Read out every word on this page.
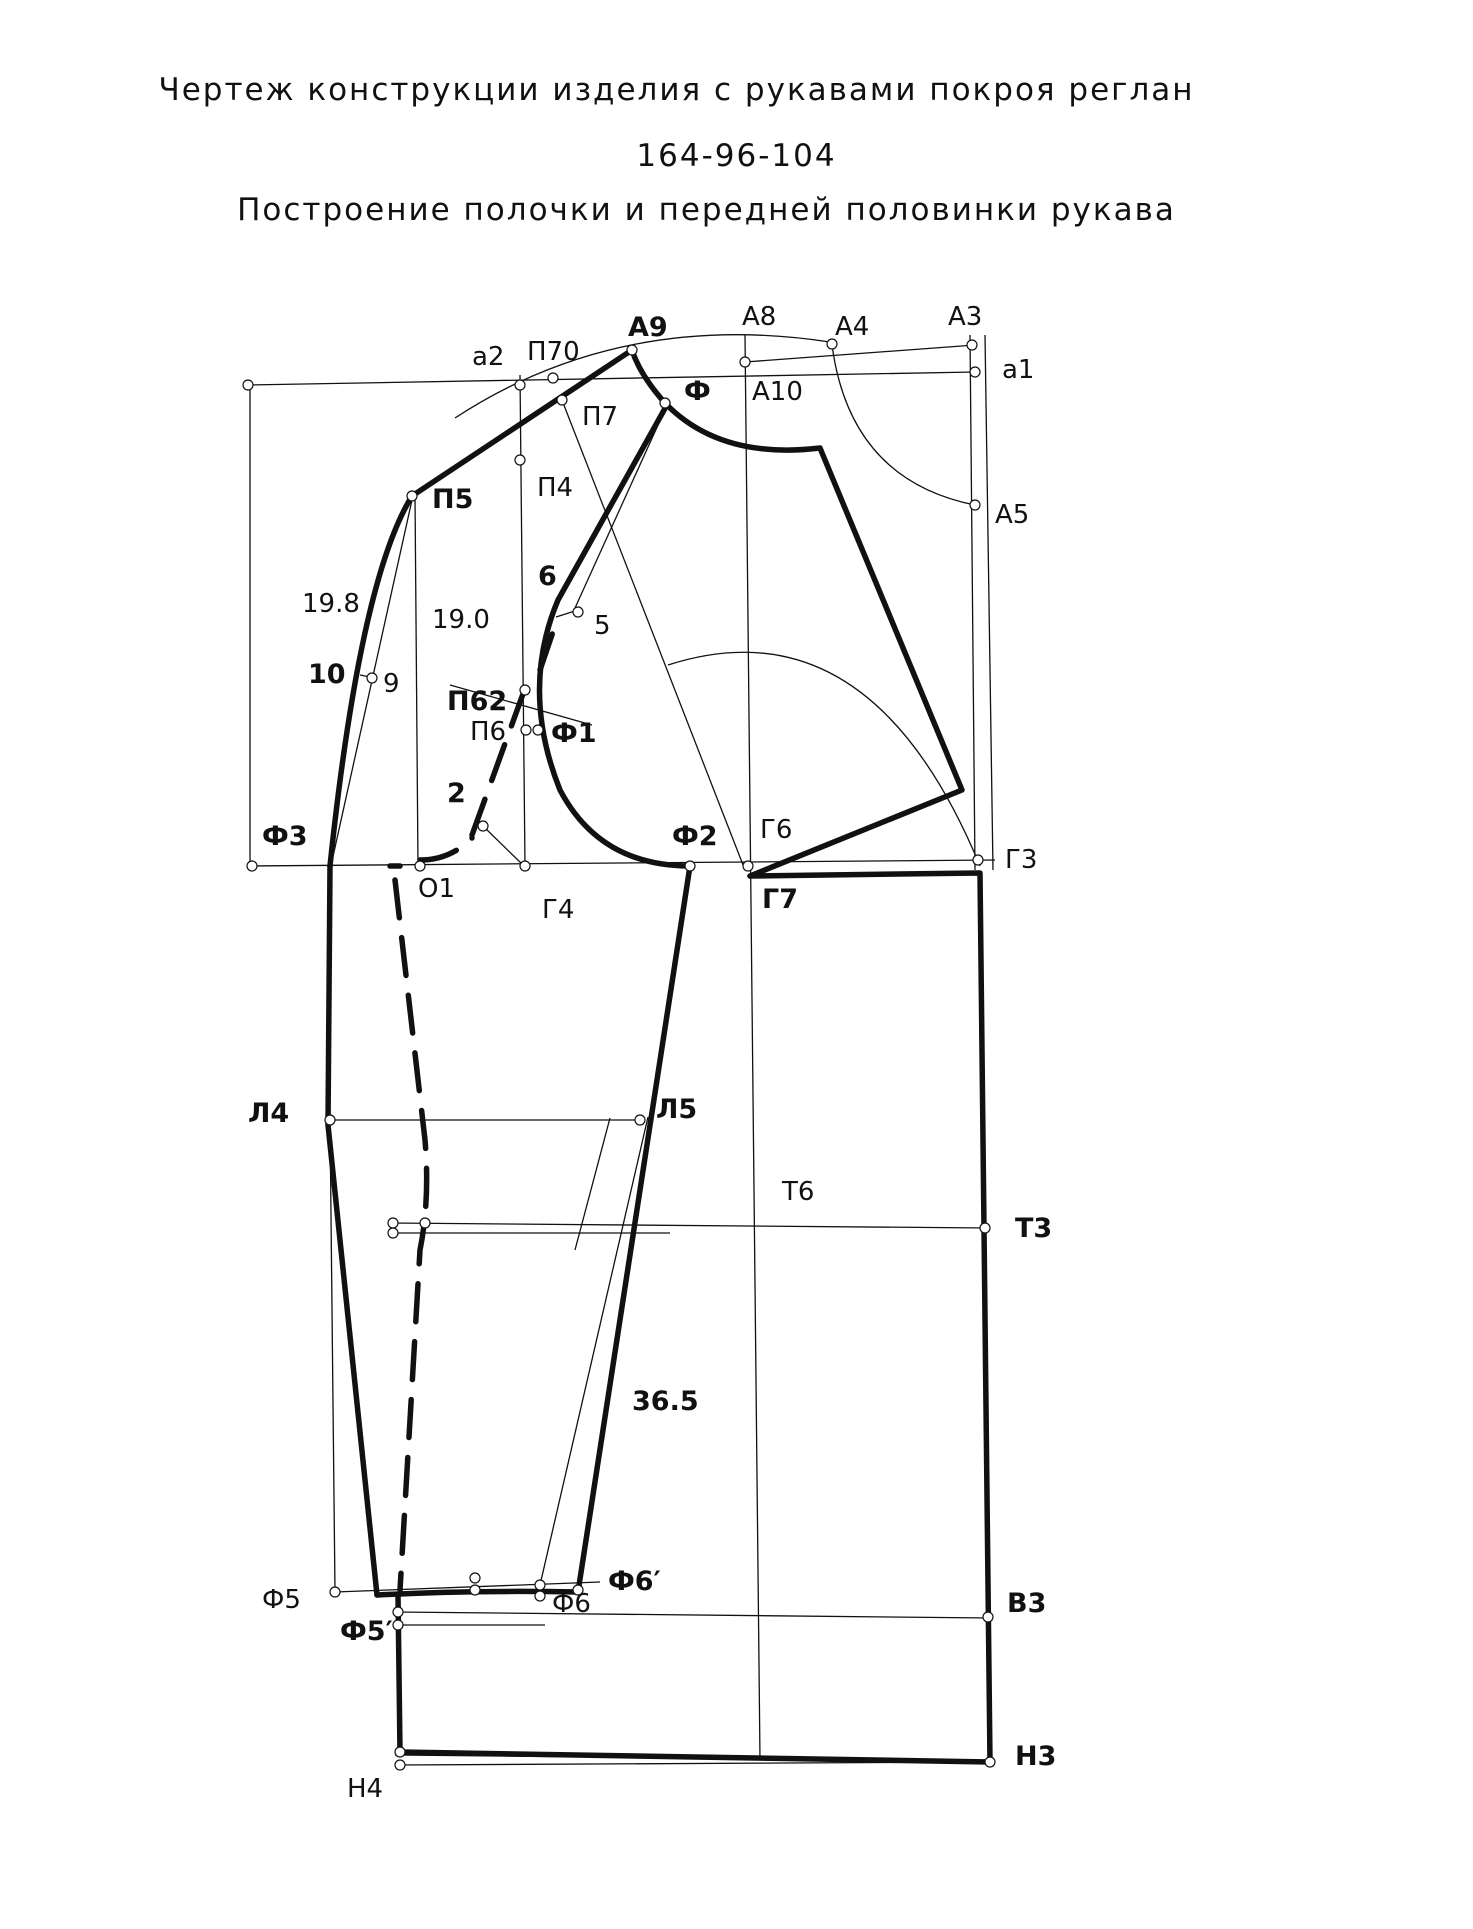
Чертеж конструкции изделия с рукавами покроя реглан
164-96-104
Построение полочки и передней половинки рукава
А9	А8 А4	А3
а1
а2 П70
Ф А10
П7
П5 П4
А5
6
5
19.8
19.0
10 9
П62
П6 Ф1
2
Ф3	Ф2 Г6
Г3
О1	Г7
Г4
Л4	Л5
Т6
Т3
36.5
Ф6′
Ф5	Ф6	В3
Ф5′
Н3
Н4
